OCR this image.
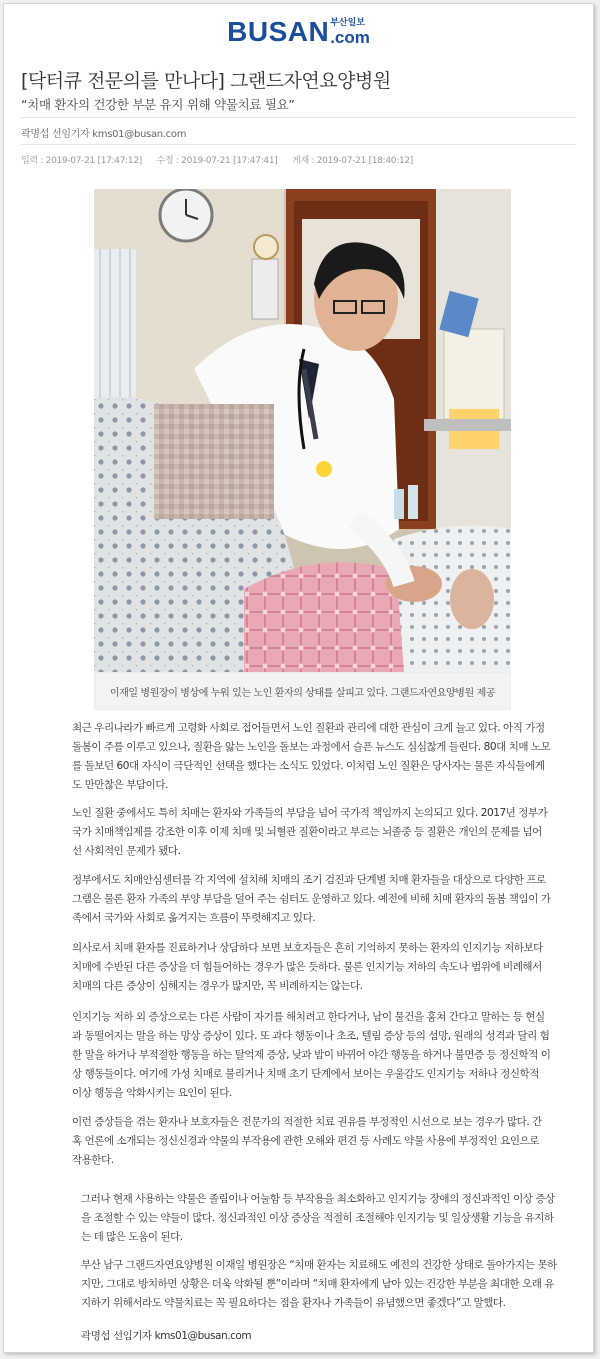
BUSAN 부산일보
.com
[닥터큐 전문의를 만나다] 그랜드자연요양병원
“치매 환자의 건강한 부분 유지 위해 약물치료 필요”
곽명섭 선임기자 kms01@busan.com
입력 : 2019-07-21 [17:47:12] 수정 : 2019-07-21 [17:47:41] 게재 : 2019-07-21 [18:40:12]
이재일 병원장이 병상에 누워 있는 노인 환자의 상태를 살피고 있다. 그랜드자연요양병원 제공

최근 우리나라가 빠르게 고령화 사회로 접어들면서 노인 질환과 관리에 대한 관심이 크게 늘고 있다. 아직 가정

돌봄이 주를 이루고 있으나, 질환을 앓는 노인을 돌보는 과정에서 슬픈 뉴스도 심심찮게 들린다. 80대 치매 노모

를 돌보던 60대 자식이 극단적인 선택을 했다는 소식도 있었다. 이처럼 노인 질환은 당사자는 물론 자식들에게

도 만만찮은 부담이다.

노인 질환 중에서도 특히 치매는 환자와 가족들의 부담을 넘어 국가적 책임까지 논의되고 있다. 2017년 정부가

국가 치매책임제를 강조한 이후 이제 치매 및 뇌혈관 질환이라고 부르는 뇌졸중 등 질환은 개인의 문제를 넘어

선 사회적인 문제가 됐다.

정부에서도 치매안심센터를 각 지역에 설치해 치매의 조기 검진과 단계별 치매 환자들을 대상으로 다양한 프로

그램은 물론 환자 가족의 부양 부담을 덜어 주는 쉼터도 운영하고 있다. 예전에 비해 치매 환자의 돌봄 책임이 가

족에서 국가와 사회로 옮겨지는 흐름이 뚜렷해지고 있다.

의사로서 치매 환자를 진료하거나 상담하다 보면 보호자들은 흔히 기억하지 못하는 환자의 인지기능 저하보다

치매에 수반된 다른 증상을 더 힘들어하는 경우가 많은 듯하다. 물론 인지기능 저하의 속도나 범위에 비례해서

치매의 다른 증상이 심해지는 경우가 많지만, 꼭 비례하지는 않는다.

인지기능 저하 외 증상으로는 다른 사람이 자기를 해치려고 한다거나, 남이 물건을 훔쳐 간다고 말하는 등 현실

과 동떨어지는 말을 하는 망상 증상이 있다. 또 과다 행동이나 초조, 텔림 증상 등의 섬망, 원래의 성격과 달리 험

한 말을 하거나 부적절한 행동을 하는 탈억제 증상, 낮과 밤이 바뀌어 야간 행동을 하거나 불면증 등 정신학적 이

상 행동들이다. 여기에 가성 치매로 불리거나 치매 초기 단계에서 보이는 우울감도 인지기능 저하나 정신학적

이상 행동을 악화시키는 요인이 된다.

이런 증상들을 겪는 환자나 보호자들은 전문가의 적절한 치료 권유를 부정적인 시선으로 보는 경우가 많다. 간

혹 언론에 소개되는 정신신경과 약물의 부작용에 관한 오해와 편견 등 사례도 약물 사용에 부정적인 요인으로

작용한다.

그러나 현재 사용하는 약물은 졸림이나 어눌함 등 부작용을 최소화하고 인지기능 장애의 정신과적인 이상 증상

을 조절할 수 있는 약들이 많다. 정신과적인 이상 증상을 적절히 조절해야 인지기능 및 일상생활 기능을 유지하

는 데 많은 도움이 된다.

부산 남구 그랜드자연요양병원 이재일 병원장은 “치매 환자는 치료해도 예전의 건강한 상태로 돌아가지는 못하

지만, 그대로 방치하면 상황은 더욱 악화될 뿐”이라며 “치매 환자에게 남아 있는 건강한 부분을 최대한 오래 유

지하기 위해서라도 약물치료는 꼭 필요하다는 점을 환자나 가족들이 유념했으면 좋겠다”고 말했다.

곽명섭 선임기자 kms01@busan.com
